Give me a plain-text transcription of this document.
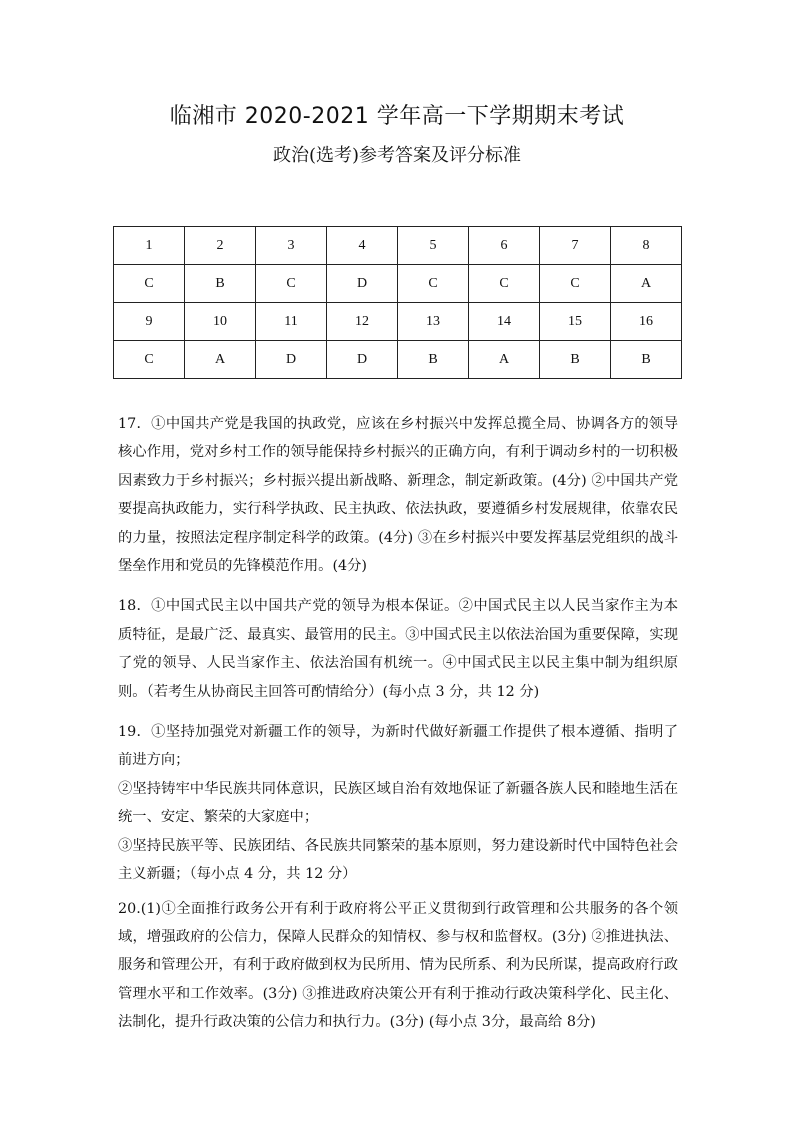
临湘市 2020-2021 学年高一下学期期末考试
政治(选考)参考答案及评分标准
1	2	3	4	5	6	7	8
C	B	C	D	C	C	C	A
9	10	11	12	13	14	15	16
C	A	D	D	B	A	B	B

17．①中国共产党是我国的执政党，应该在乡村振兴中发挥总揽全局、协调各方的领导核心作用，党对乡村工作的领导能保持乡村振兴的正确方向，有利于调动乡村的一切积极因素致力于乡村振兴；乡村振兴提出新战略、新理念，制定新政策。(4分) ②中国共产党要提高执政能力，实行科学执政、民主执政、依法执政，要遵循乡村发展规律，依靠农民的力量，按照法定程序制定科学的政策。(4分) ③在乡村振兴中要发挥基层党组织的战斗堡垒作用和党员的先锋模范作用。(4分)

18．①中国式民主以中国共产党的领导为根本保证。②中国式民主以人民当家作主为本质特征，是最广泛、最真实、最管用的民主。③中国式民主以依法治国为重要保障，实现了党的领导、人民当家作主、依法治国有机统一。④中国式民主以民主集中制为组织原则。（若考生从协商民主回答可酌情给分）(每小点 3 分，共 12 分)

19．①坚持加强党对新疆工作的领导，为新时代做好新疆工作提供了根本遵循、指明了前进方向；

②坚持铸牢中华民族共同体意识，民族区域自治有效地保证了新疆各族人民和睦地生活在统一、安定、繁荣的大家庭中；

③坚持民族平等、民族团结、各民族共同繁荣的基本原则，努力建设新时代中国特色社会主义新疆；（每小点 4 分，共 12 分）

20.(1)①全面推行政务公开有利于政府将公平正义贯彻到行政管理和公共服务的各个领域，增强政府的公信力，保障人民群众的知情权、参与权和监督权。(3分) ②推进执法、服务和管理公开，有利于政府做到权为民所用、情为民所系、利为民所谋，提高政府行政管理水平和工作效率。(3分) ③推进政府决策公开有利于推动行政决策科学化、民主化、法制化，提升行政决策的公信力和执行力。(3分) (每小点 3分，最高给 8分)
